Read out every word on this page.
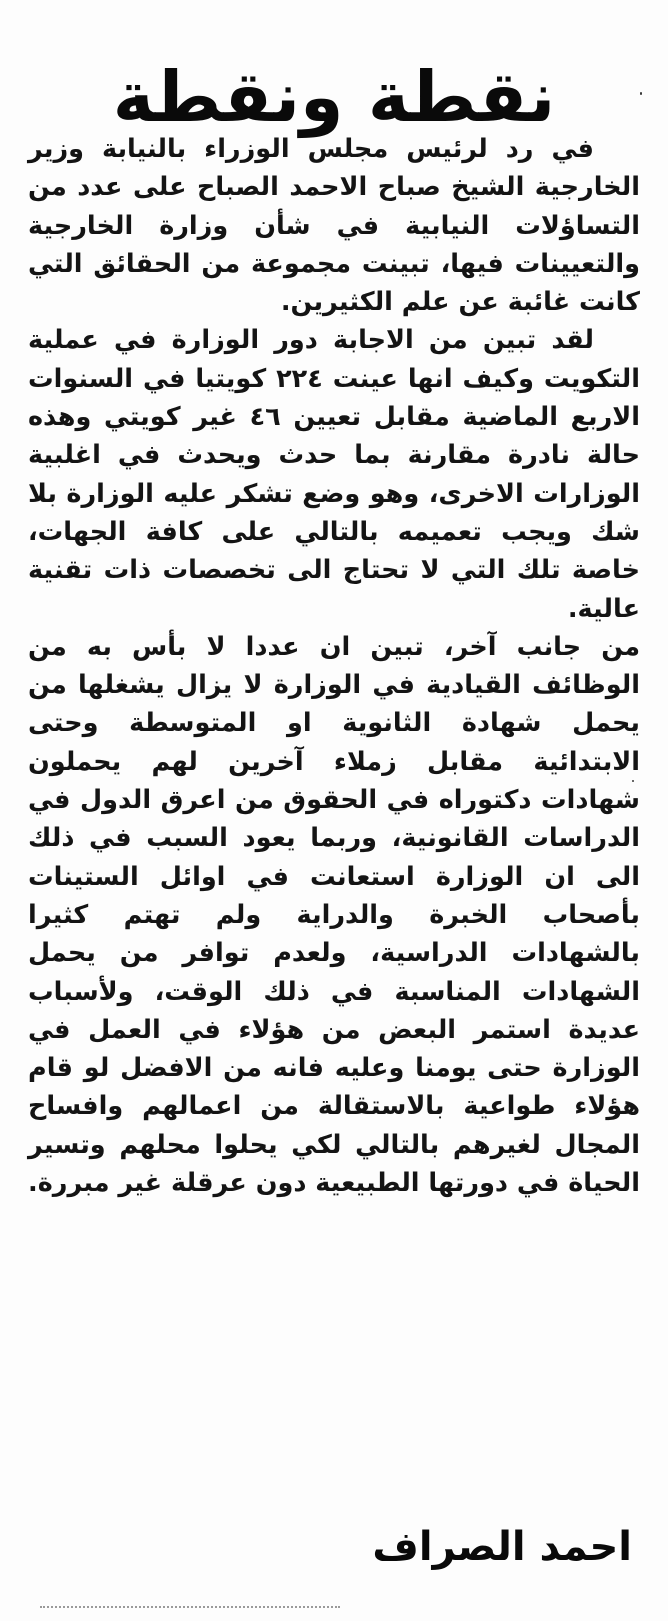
نقطة ونقطة

في رد لرئيس مجلس الوزراء بالنيابة وزير الخارجية الشيخ صباح الاحمد الصباح على عدد من التساؤلات النيابية في شأن وزارة الخارجية والتعيينات فيها، تبينت مجموعة من الحقائق التي كانت غائبة عن علم الكثيرين.

لقد تبين من الاجابة دور الوزارة في عملية التكويت وكيف انها عينت ٢٢٤ كويتيا في السنوات الاربع الماضية مقابل تعيين ٤٦ غير كويتي وهذه حالة نادرة مقارنة بما حدث ويحدث في اغلبية الوزارات الاخرى، وهو وضع تشكر عليه الوزارة بلا شك ويجب تعميمه بالتالي على كافة الجهات، خاصة تلك التي لا تحتاج الى تخصصات ذات تقنية عالية.

من جانب آخر، تبين ان عددا لا بأس به من الوظائف القيادية في الوزارة لا يزال يشغلها من يحمل شهادة الثانوية او المتوسطة وحتى الابتدائية مقابل زملاء آخرين لهم يحملون شهادات دكتوراه في الحقوق من اعرق الدول في الدراسات القانونية، وربما يعود السبب في ذلك الى ان الوزارة استعانت في اوائل الستينات بأصحاب الخبرة والدراية ولم تهتم كثيرا بالشهادات الدراسية، ولعدم توافر من يحمل الشهادات المناسبة في ذلك الوقت، ولأسباب عديدة استمر البعض من هؤلاء في العمل في الوزارة حتى يومنا وعليه فانه من الافضل لو قام هؤلاء طواعية بالاستقالة من اعمالهم وافساح المجال لغيرهم بالتالي لكي يحلوا محلهم وتسير الحياة في دورتها الطبيعية دون عرقلة غير مبررة.

احمد الصراف
